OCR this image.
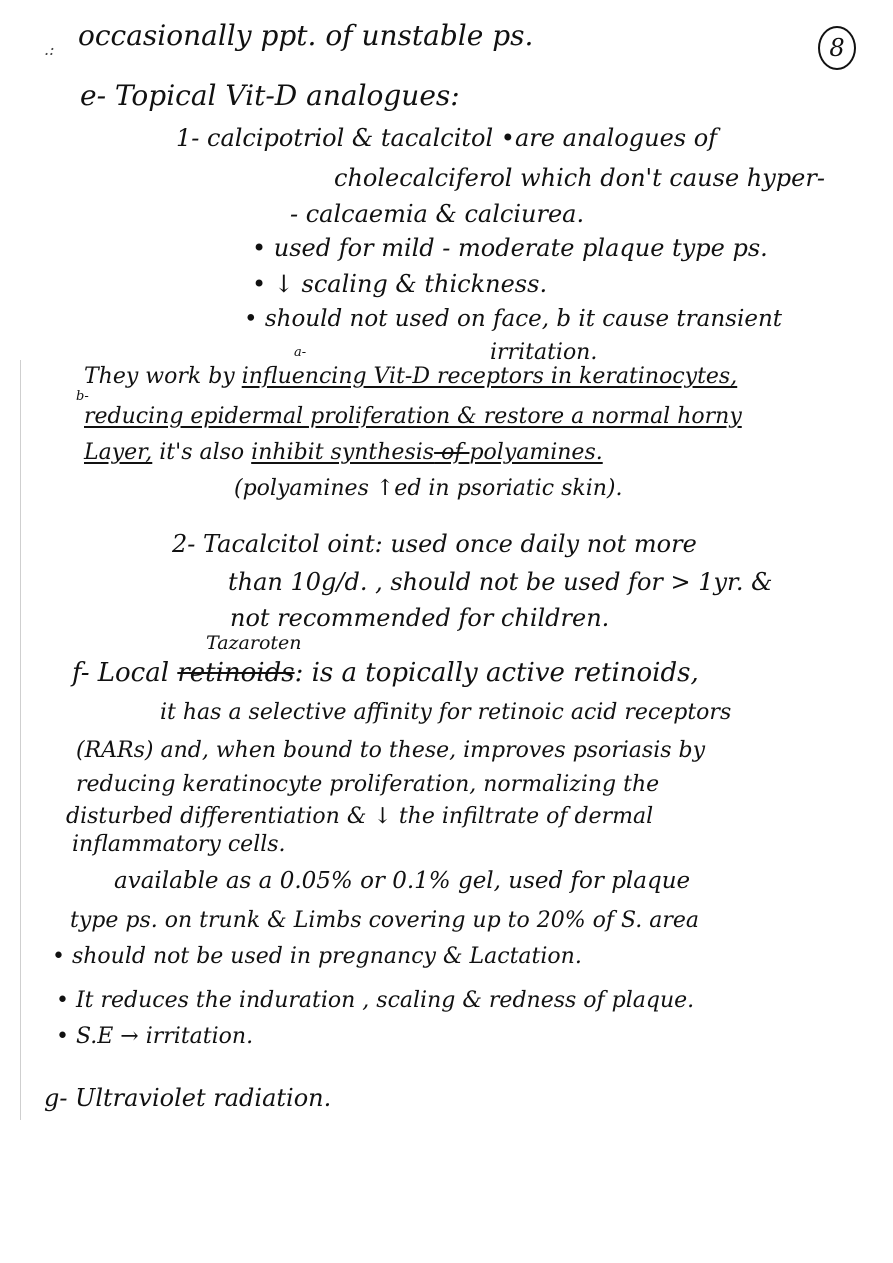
.:	8
occasionally ppt. of unstable ps.
e- Topical Vit-D analogues:
1- calcipotriol & tacalcitol •are analogues of
cholecalciferol which don't cause hyper-
- calcaemia & calciurea.
• used for mild - moderate plaque type ps.
• ↓ scaling & thickness.
• should not used on face, b it cause transient
irritation.
a-
b-
They work by influencing Vit-D receptors in keratinocytes,
reducing epidermal proliferation & restore a normal horny
Layer, it's also inhibit synthesis of polyamines.
(polyamines ↑ed in psoriatic skin).
2- Tacalcitol oint: used once daily not more
than 10g/d. , should not be used for > 1yr. &
not recommended for children.
Tazaroten
f- Local retinoids: is a topically active retinoids,
it has a selective affinity for retinoic acid receptors
(RARs) and, when bound to these, improves psoriasis by
reducing keratinocyte proliferation, normalizing the
disturbed differentiation & ↓ the infiltrate of dermal
inflammatory cells.
available as a 0.05% or 0.1% gel, used for plaque
type ps. on trunk & Limbs covering up to 20% of S. area
• should not be used in pregnancy & Lactation.
• It reduces the induration , scaling & redness of plaque.
• S.E → irritation.
g- Ultraviolet radiation.
